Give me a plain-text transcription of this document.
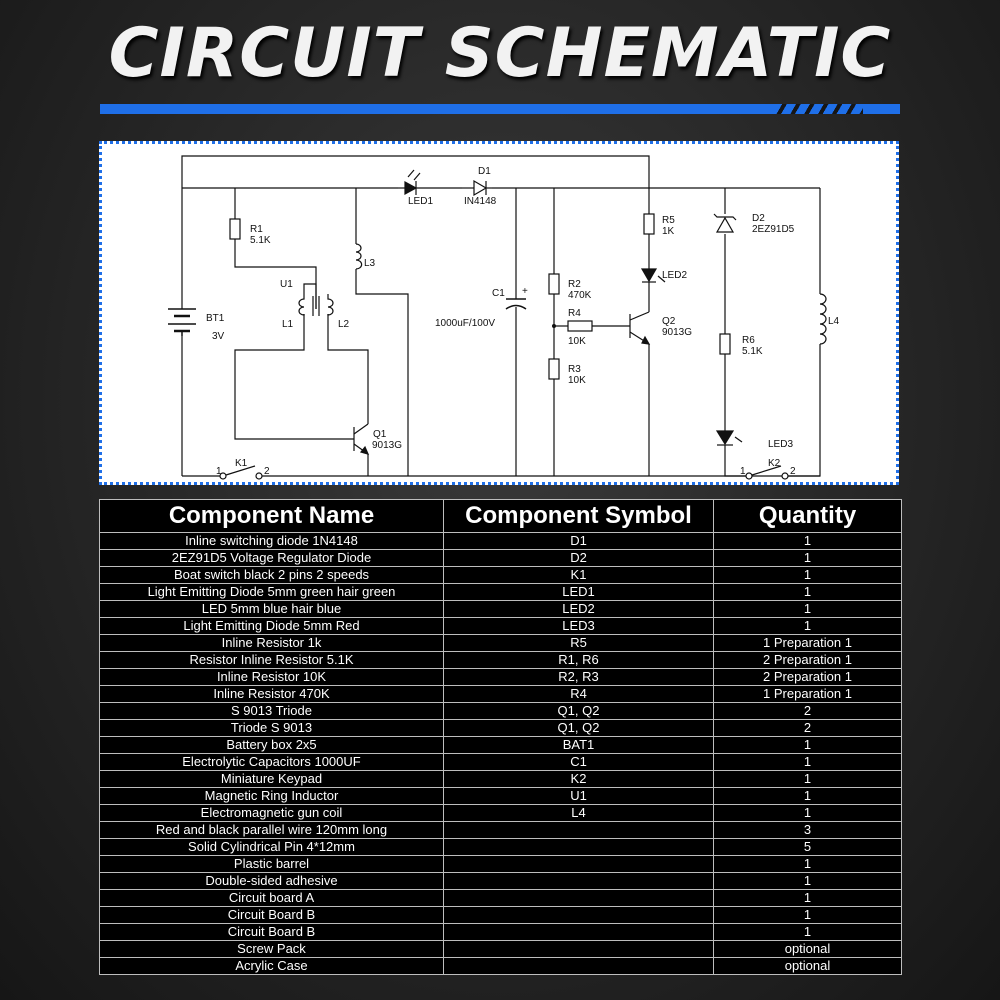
CIRCUIT SCHEMATIC
+
LED1
D1
IN4148
R1
5.1K
L3
U1
L1	L2
BT1
3V
Q1
9013G
K1
1	2
C1
1000uF/100V
R2
470K
R4
10K
R3
10K
R5
1K
LED2
Q2
9013G
D2
2EZ91D5
R6
5.1K
LED3
L4
K2
1	2
Component Name	Component Symbol	Quantity
Inline switching diode 1N4148	D1	1
2EZ91D5 Voltage Regulator Diode	D2	1
Boat switch black 2 pins 2 speeds	K1	1
Light Emitting Diode 5mm green hair green	LED1	1
LED 5mm blue hair blue	LED2	1
Light Emitting Diode 5mm Red	LED3	1
Inline Resistor 1k	R5	1 Preparation 1
Resistor Inline Resistor 5.1K	R1, R6	2 Preparation 1
Inline Resistor 10K	R2, R3	2 Preparation 1
Inline Resistor 470K	R4	1 Preparation 1
S 9013 Triode	Q1, Q2	2
Triode S 9013	Q1, Q2	2
Battery box 2x5	BAT1	1
Electrolytic Capacitors 1000UF	C1	1
Miniature Keypad	K2	1
Magnetic Ring Inductor	U1	1
Electromagnetic gun coil	L4	1
Red and black parallel wire 120mm long		3
Solid Cylindrical Pin 4*12mm		5
Plastic barrel		1
Double-sided adhesive		1
Circuit board A		1
Circuit Board B		1
Circuit Board B		1
Screw Pack		optional
Acrylic Case		optional
